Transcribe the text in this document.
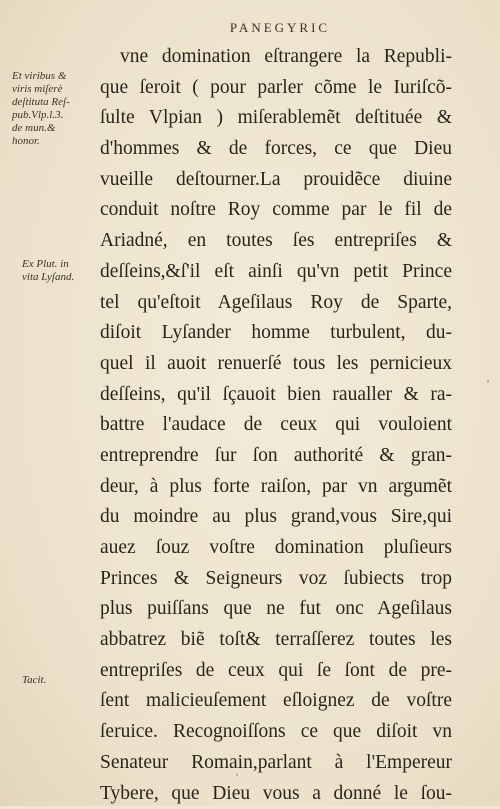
PANEGYRIC
vne domination eſtrangere la Republi-
que ſeroit ( pour parler cõme le Iuriſcõ-
ſulte Vlpian ) miſerablemẽt deſtituée &
d'hommes & de forces, ce que Dieu
vueille deſtourner.La prouidẽce diuine
conduit noſtre Roy comme par le fil de
Ariadné, en toutes ſes entrepriſes &
deſſeins,&ſ'il eſt ainſi qu'vn petit Prince
tel qu'eſtoit Ageſilaus Roy de Sparte,
diſoit Lyſander homme turbulent, du-
quel il auoit renuerſé tous les pernicieux
deſſeins, qu'il ſçauoit bien raualler & ra-
battre l'audace de ceux qui vouloient
entreprendre ſur ſon authorité & gran-
deur, à plus forte raiſon, par vn argumẽt
du moindre au plus grand,vous Sire,qui
auez ſouz voſtre domination pluſieurs
Princes & Seigneurs voz ſubiects trop
plus puiſſans que ne fut onc Ageſilaus
abbatrez biẽ toſt& terraſſerez toutes les
entrepriſes de ceux qui ſe ſont de pre-
ſent malicieuſement eſloignez de voſtre
ſeruice. Recognoiſſons ce que diſoit vn
Senateur Romain,parlant à l'Empereur
Tybere, que Dieu vous a donné le ſou-
Et viribus &
viris miſerè
deſtituta Reſ-
pub.Vlp.l.3.
de mun.&
honor.
Ex Plut. in
vita Lyſand.
Tacit.
‚
'
